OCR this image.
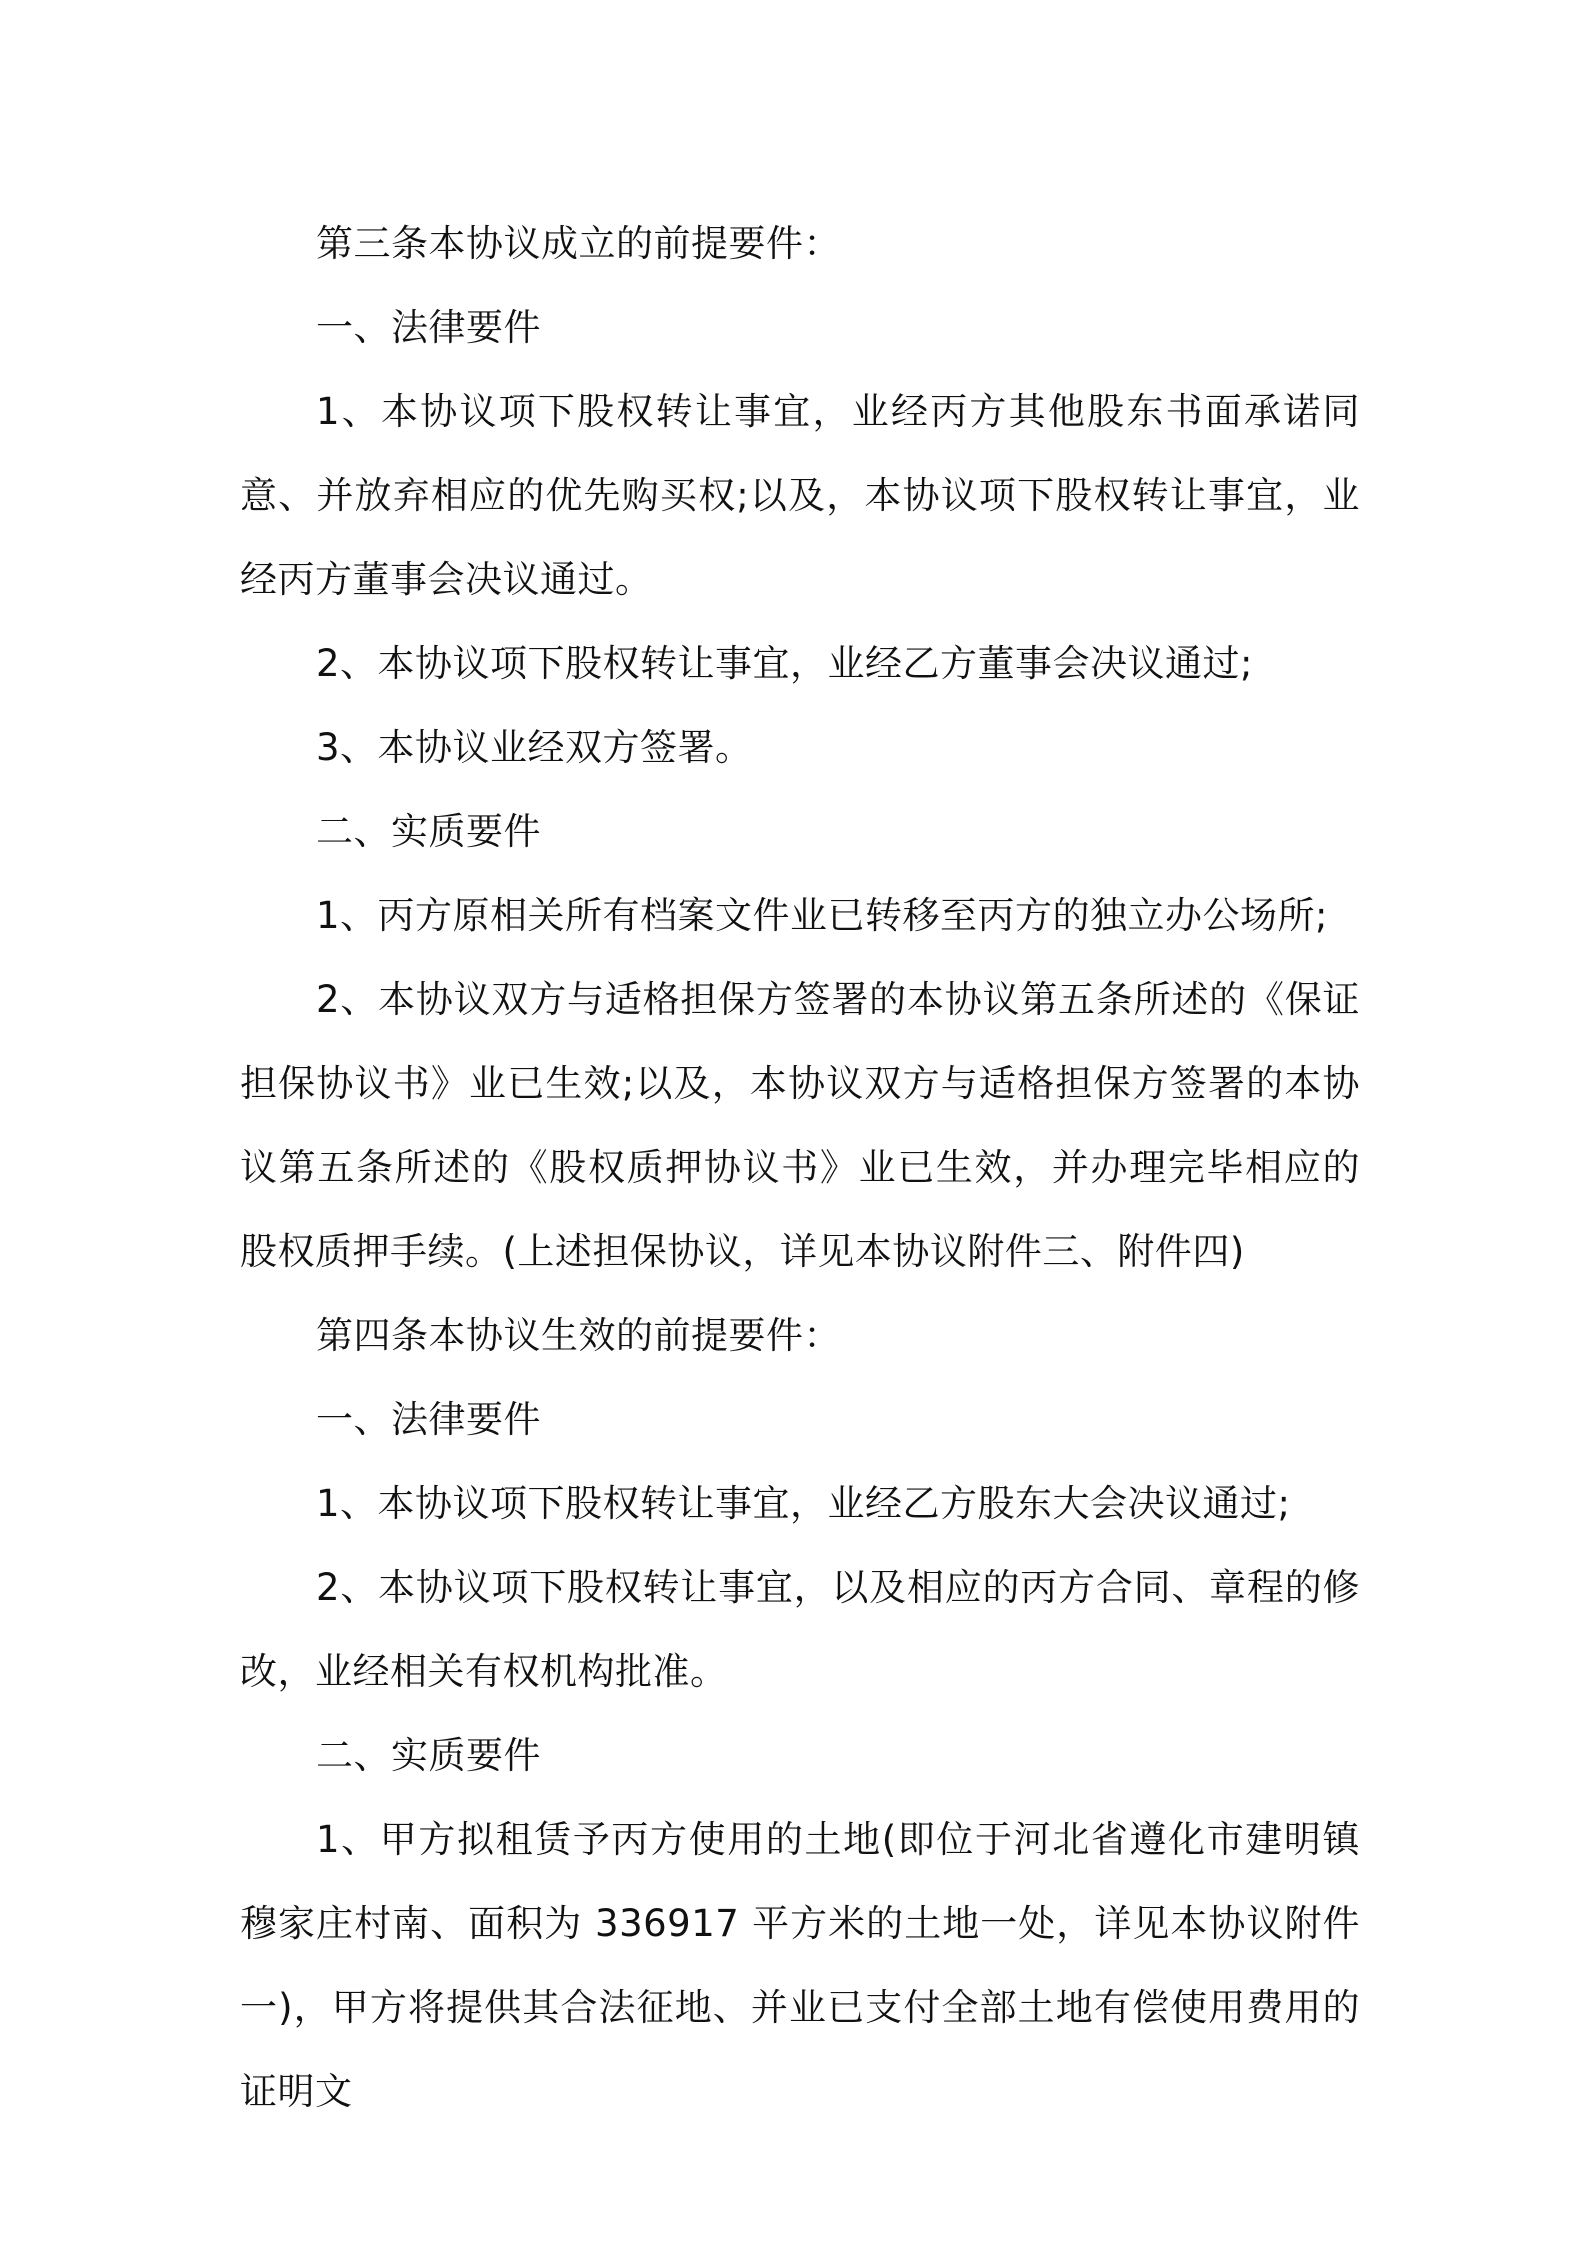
第三条本协议成立的前提要件：

一、法律要件

1、本协议项下股权转让事宜，业经丙方其他股东书面承诺同意、并放弃相应的优先购买权;以及，本协议项下股权转让事宜，业经丙方董事会决议通过。

2、本协议项下股权转让事宜，业经乙方董事会决议通过;

3、本协议业经双方签署。

二、实质要件

1、丙方原相关所有档案文件业已转移至丙方的独立办公场所;

2、本协议双方与适格担保方签署的本协议第五条所述的《保证担保协议书》业已生效;以及，本协议双方与适格担保方签署的本协议第五条所述的《股权质押协议书》业已生效，并办理完毕相应的股权质押手续。(上述担保协议，详见本协议附件三、附件四)

第四条本协议生效的前提要件：

一、法律要件

1、本协议项下股权转让事宜，业经乙方股东大会决议通过;

2、本协议项下股权转让事宜，以及相应的丙方合同、章程的修改，业经相关有权机构批准。

二、实质要件

1、甲方拟租赁予丙方使用的土地(即位于河北省遵化市建明镇穆家庄村南、面积为 336917 平方米的土地一处，详见本协议附件一)，甲方将提供其合法征地、并业已支付全部土地有偿使用费用的证明文
